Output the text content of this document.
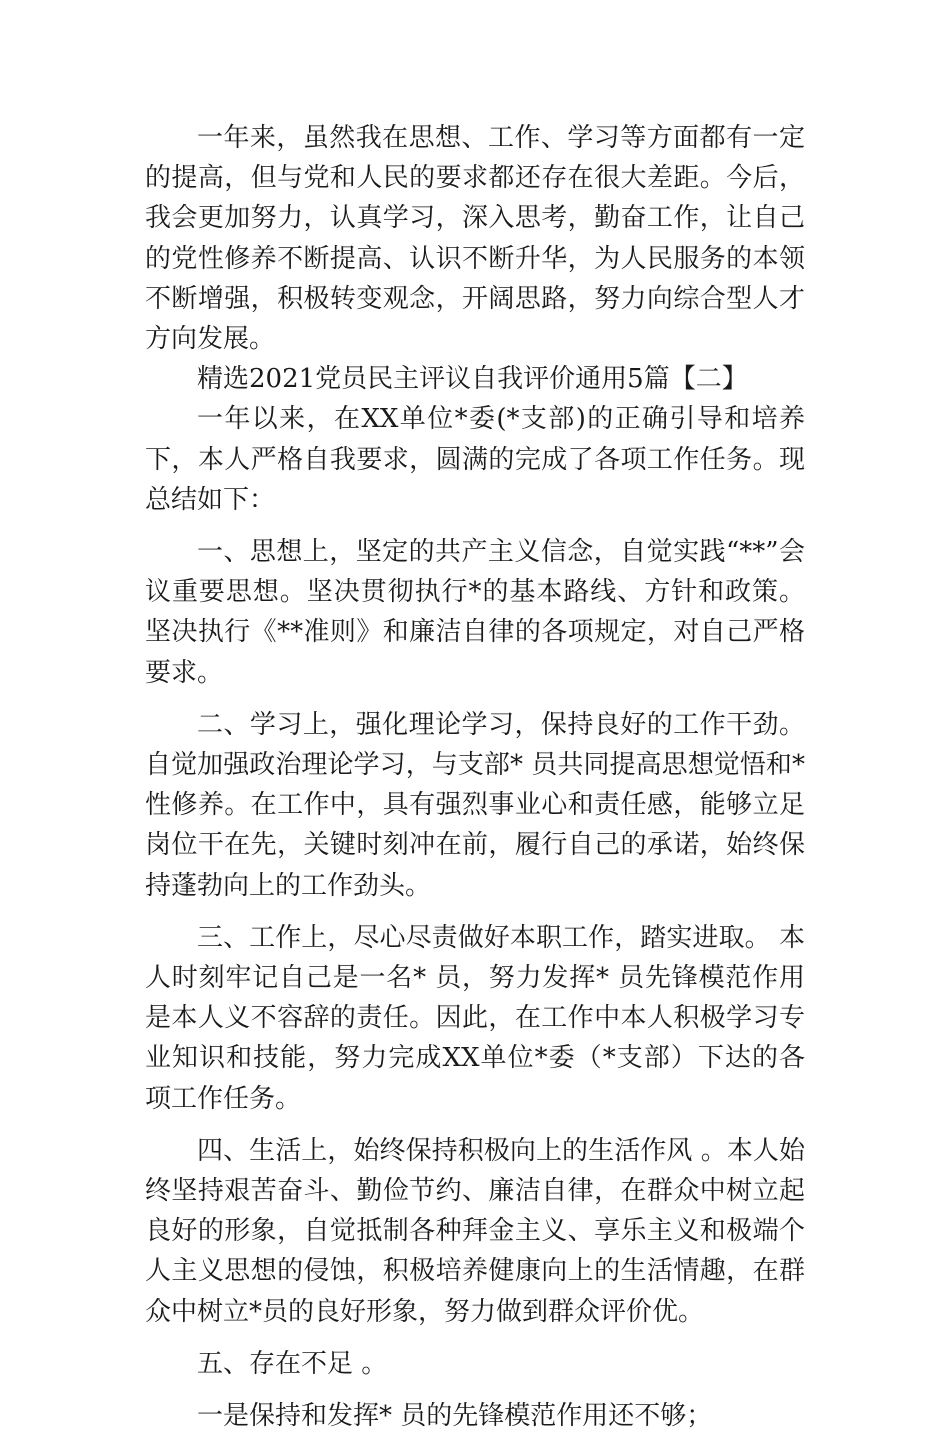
一年来，虽然我在思想、工作、学习等方面都有一定的提高，但与党和人民的要求都还存在很大差距。今后，我会更加努力，认真学习，深入思考，勤奋工作，让自己的党性修养不断提高、认识不断升华，为人民服务的本领不断增强，积极转变观念，开阔思路，努力向综合型人才方向发展。

精选2021党员民主评议自我评价通用5篇【二】

一年以来，在XX单位*委(*支部)的正确引导和培养下，本人严格自我要求，圆满的完成了各项工作任务。现总结如下：

一、思想上，坚定的共产主义信念，自觉实践“**”会议重要思想。坚决贯彻执行*的基本路线、方针和政策。坚决执行《**准则》和廉洁自律的各项规定，对自己严格要求。

二、学习上，强化理论学习，保持良好的工作干劲。自觉加强政治理论学习，与支部* 员共同提高思想觉悟和*性修养。在工作中，具有强烈事业心和责任感，能够立足岗位干在先，关键时刻冲在前，履行自己的承诺，始终保持蓬勃向上的工作劲头。

三、工作上，尽心尽责做好本职工作，踏实进取。 本人时刻牢记自己是一名* 员，努力发挥* 员先锋模范作用是本人义不容辞的责任。因此，在工作中本人积极学习专业知识和技能，努力完成XX单位*委（*支部）下达的各项工作任务。

四、生活上，始终保持积极向上的生活作风 。本人始终坚持艰苦奋斗、勤俭节约、廉洁自律，在群众中树立起良好的形象，自觉抵制各种拜金主义、享乐主义和极端个人主义思想的侵蚀，积极培养健康向上的生活情趣，在群众中树立*员的良好形象，努力做到群众评价优。

五、存在不足 。

一是保持和发挥* 员的先锋模范作用还不够；
